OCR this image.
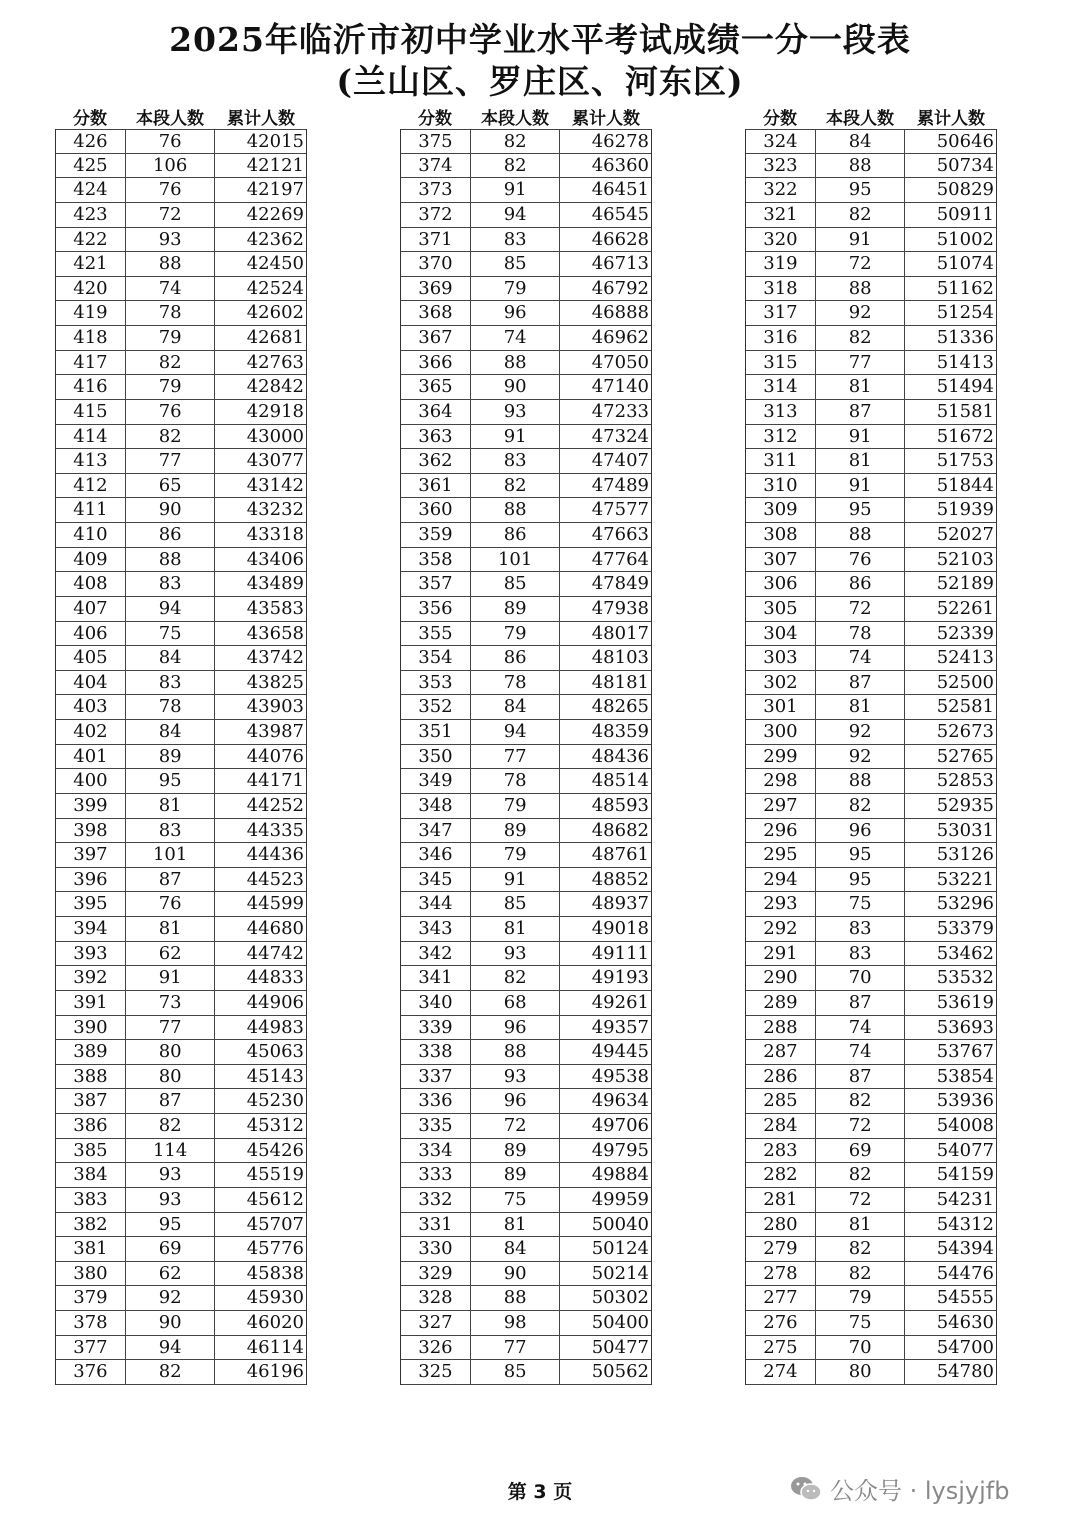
2025年临沂市初中学业水平考试成绩一分一段表
(兰山区、罗庄区、河东区)
分数	本段人数	累计人数
426	76	42015
425	106	42121
424	76	42197
423	72	42269
422	93	42362
421	88	42450
420	74	42524
419	78	42602
418	79	42681
417	82	42763
416	79	42842
415	76	42918
414	82	43000
413	77	43077
412	65	43142
411	90	43232
410	86	43318
409	88	43406
408	83	43489
407	94	43583
406	75	43658
405	84	43742
404	83	43825
403	78	43903
402	84	43987
401	89	44076
400	95	44171
399	81	44252
398	83	44335
397	101	44436
396	87	44523
395	76	44599
394	81	44680
393	62	44742
392	91	44833
391	73	44906
390	77	44983
389	80	45063
388	80	45143
387	87	45230
386	82	45312
385	114	45426
384	93	45519
383	93	45612
382	95	45707
381	69	45776
380	62	45838
379	92	45930
378	90	46020
377	94	46114
376	82	46196
分数	本段人数	累计人数
375	82	46278
374	82	46360
373	91	46451
372	94	46545
371	83	46628
370	85	46713
369	79	46792
368	96	46888
367	74	46962
366	88	47050
365	90	47140
364	93	47233
363	91	47324
362	83	47407
361	82	47489
360	88	47577
359	86	47663
358	101	47764
357	85	47849
356	89	47938
355	79	48017
354	86	48103
353	78	48181
352	84	48265
351	94	48359
350	77	48436
349	78	48514
348	79	48593
347	89	48682
346	79	48761
345	91	48852
344	85	48937
343	81	49018
342	93	49111
341	82	49193
340	68	49261
339	96	49357
338	88	49445
337	93	49538
336	96	49634
335	72	49706
334	89	49795
333	89	49884
332	75	49959
331	81	50040
330	84	50124
329	90	50214
328	88	50302
327	98	50400
326	77	50477
325	85	50562
分数	本段人数	累计人数
324	84	50646
323	88	50734
322	95	50829
321	82	50911
320	91	51002
319	72	51074
318	88	51162
317	92	51254
316	82	51336
315	77	51413
314	81	51494
313	87	51581
312	91	51672
311	81	51753
310	91	51844
309	95	51939
308	88	52027
307	76	52103
306	86	52189
305	72	52261
304	78	52339
303	74	52413
302	87	52500
301	81	52581
300	92	52673
299	92	52765
298	88	52853
297	82	52935
296	96	53031
295	95	53126
294	95	53221
293	75	53296
292	83	53379
291	83	53462
290	70	53532
289	87	53619
288	74	53693
287	74	53767
286	87	53854
285	82	53936
284	72	54008
283	69	54077
282	82	54159
281	72	54231
280	81	54312
279	82	54394
278	82	54476
277	79	54555
276	75	54630
275	70	54700
274	80	54780
第 3 页	公众号 · lysjyjfb
